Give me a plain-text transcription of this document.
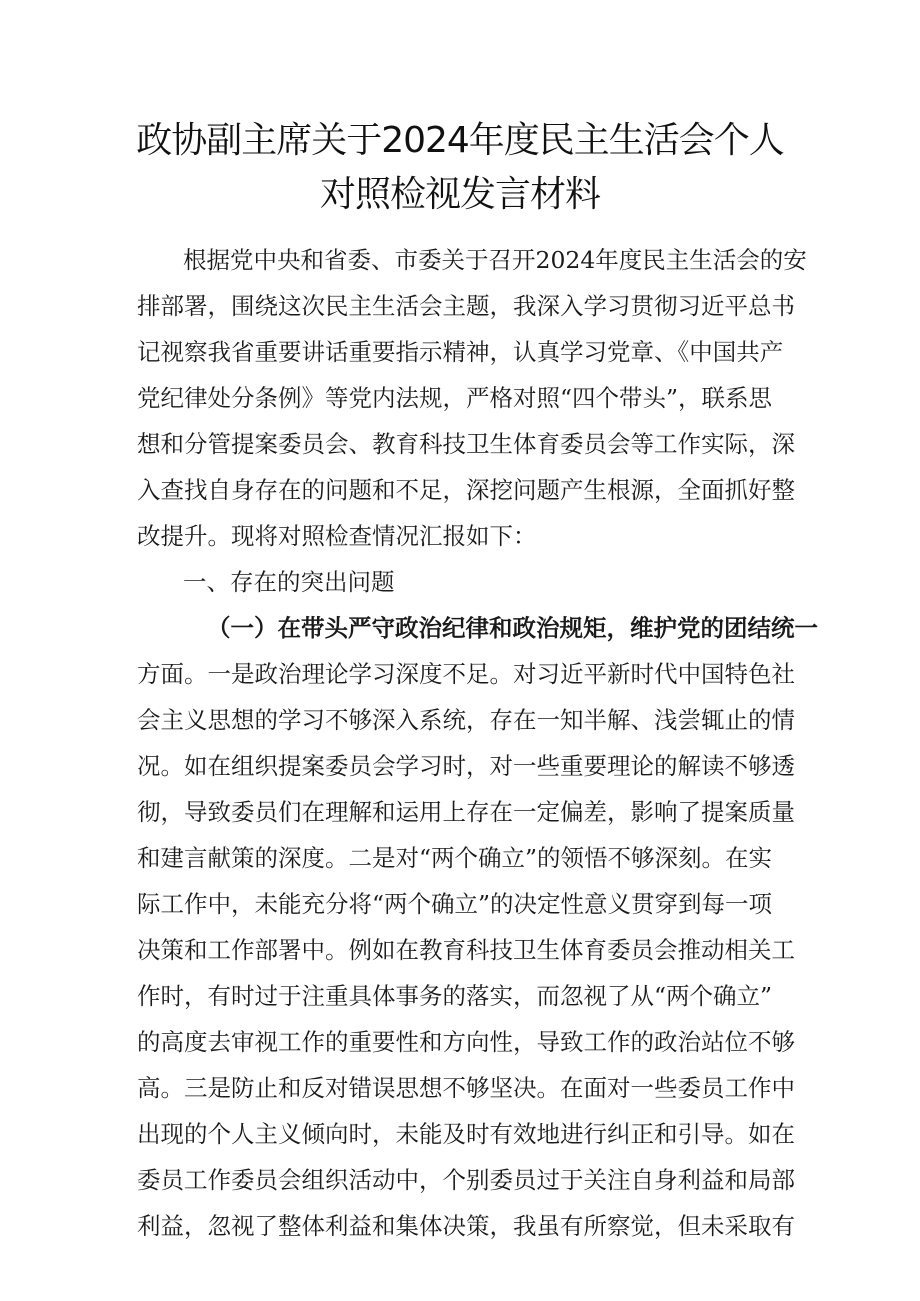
政协副主席关于2024年度民主生活会个人
对照检视发言材料
根据党中央和省委、市委关于召开2024年度民主生活会的安
排部署，围绕这次民主生活会主题，我深入学习贯彻习近平总书
记视察我省重要讲话重要指示精神，认真学习党章、《中国共产
党纪律处分条例》等党内法规，严格对照“四个带头”，联系思
想和分管提案委员会、教育科技卫生体育委员会等工作实际，深
入查找自身存在的问题和不足，深挖问题产生根源，全面抓好整
改提升。现将对照检查情况汇报如下：
一、存在的突出问题
（一）在带头严守政治纪律和政治规矩，维护党的团结统一
方面。一是政治理论学习深度不足。对习近平新时代中国特色社
会主义思想的学习不够深入系统，存在一知半解、浅尝辄止的情
况。如在组织提案委员会学习时，对一些重要理论的解读不够透
彻，导致委员们在理解和运用上存在一定偏差，影响了提案质量
和建言献策的深度。二是对“两个确立”的领悟不够深刻。在实
际工作中，未能充分将“两个确立”的决定性意义贯穿到每一项
决策和工作部署中。例如在教育科技卫生体育委员会推动相关工
作时，有时过于注重具体事务的落实，而忽视了从“两个确立”
的高度去审视工作的重要性和方向性，导致工作的政治站位不够
高。三是防止和反对错误思想不够坚决。在面对一些委员工作中
出现的个人主义倾向时，未能及时有效地进行纠正和引导。如在
委员工作委员会组织活动中，个别委员过于关注自身利益和局部
利益，忽视了整体利益和集体决策，我虽有所察觉，但未采取有
